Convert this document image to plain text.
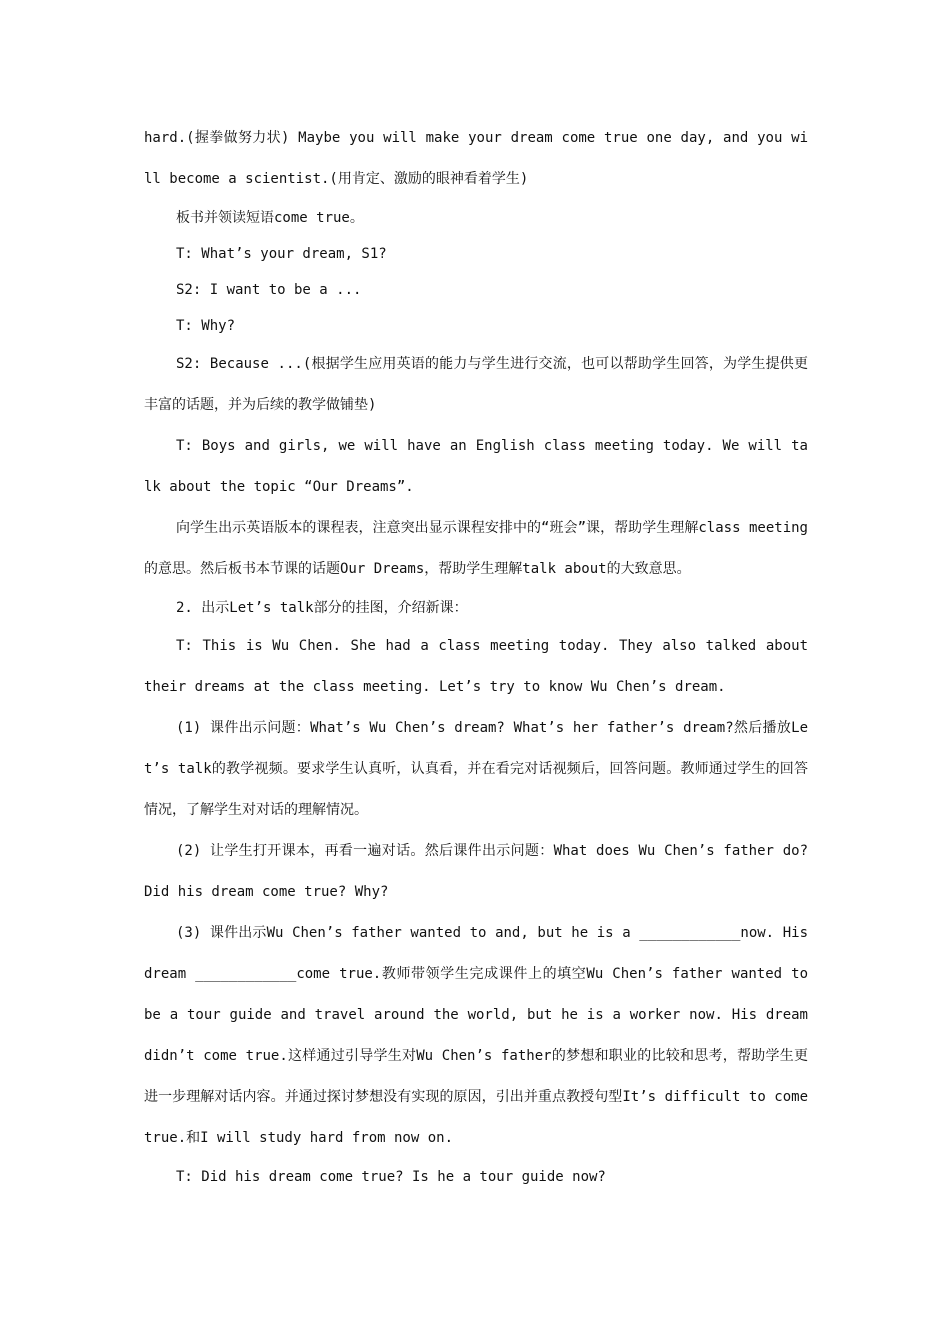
hard.(握拳做努力状) Maybe you will make your dream come true one day, and you will become a scientist.(用肯定、激励的眼神看着学生)

板书并领读短语come true。

T: What’s your dream, S1?

S2: I want to be a ...

T: Why?

S2: Because ...(根据学生应用英语的能力与学生进行交流，也可以帮助学生回答，为学生提供更丰富的话题，并为后续的教学做铺垫)

T: Boys and girls, we will have an English class meeting today. We will talk about the topic “Our Dreams”.

向学生出示英语版本的课程表，注意突出显示课程安排中的“班会”课，帮助学生理解class meeting的意思。然后板书本节课的话题Our Dreams，帮助学生理解talk about的大致意思。

2. 出示Let’s talk部分的挂图，介绍新课：

T: This is Wu Chen. She had a class meeting today. They also talked about their dreams at the class meeting. Let’s try to know Wu Chen’s dream.

(1) 课件出示问题：What’s Wu Chen’s dream? What’s her father’s dream?然后播放Let’s talk的教学视频。要求学生认真听，认真看，并在看完对话视频后，回答问题。教师通过学生的回答情况，了解学生对对话的理解情况。

(2) 让学生打开课本，再看一遍对话。然后课件出示问题：What does Wu Chen’s father do? Did his dream come true? Why?

(3) 课件出示Wu Chen’s father wanted to and, but he is a ____________now. His dream ____________come true.教师带领学生完成课件上的填空Wu Chen’s father wanted to be a tour guide and travel around the world, but he is a worker now. His dream didn’t come true.这样通过引导学生对Wu Chen’s father的梦想和职业的比较和思考，帮助学生更进一步理解对话内容。并通过探讨梦想没有实现的原因，引出并重点教授句型It’s difficult to come true.和I will study hard from now on.

T: Did his dream come true? Is he a tour guide now?
